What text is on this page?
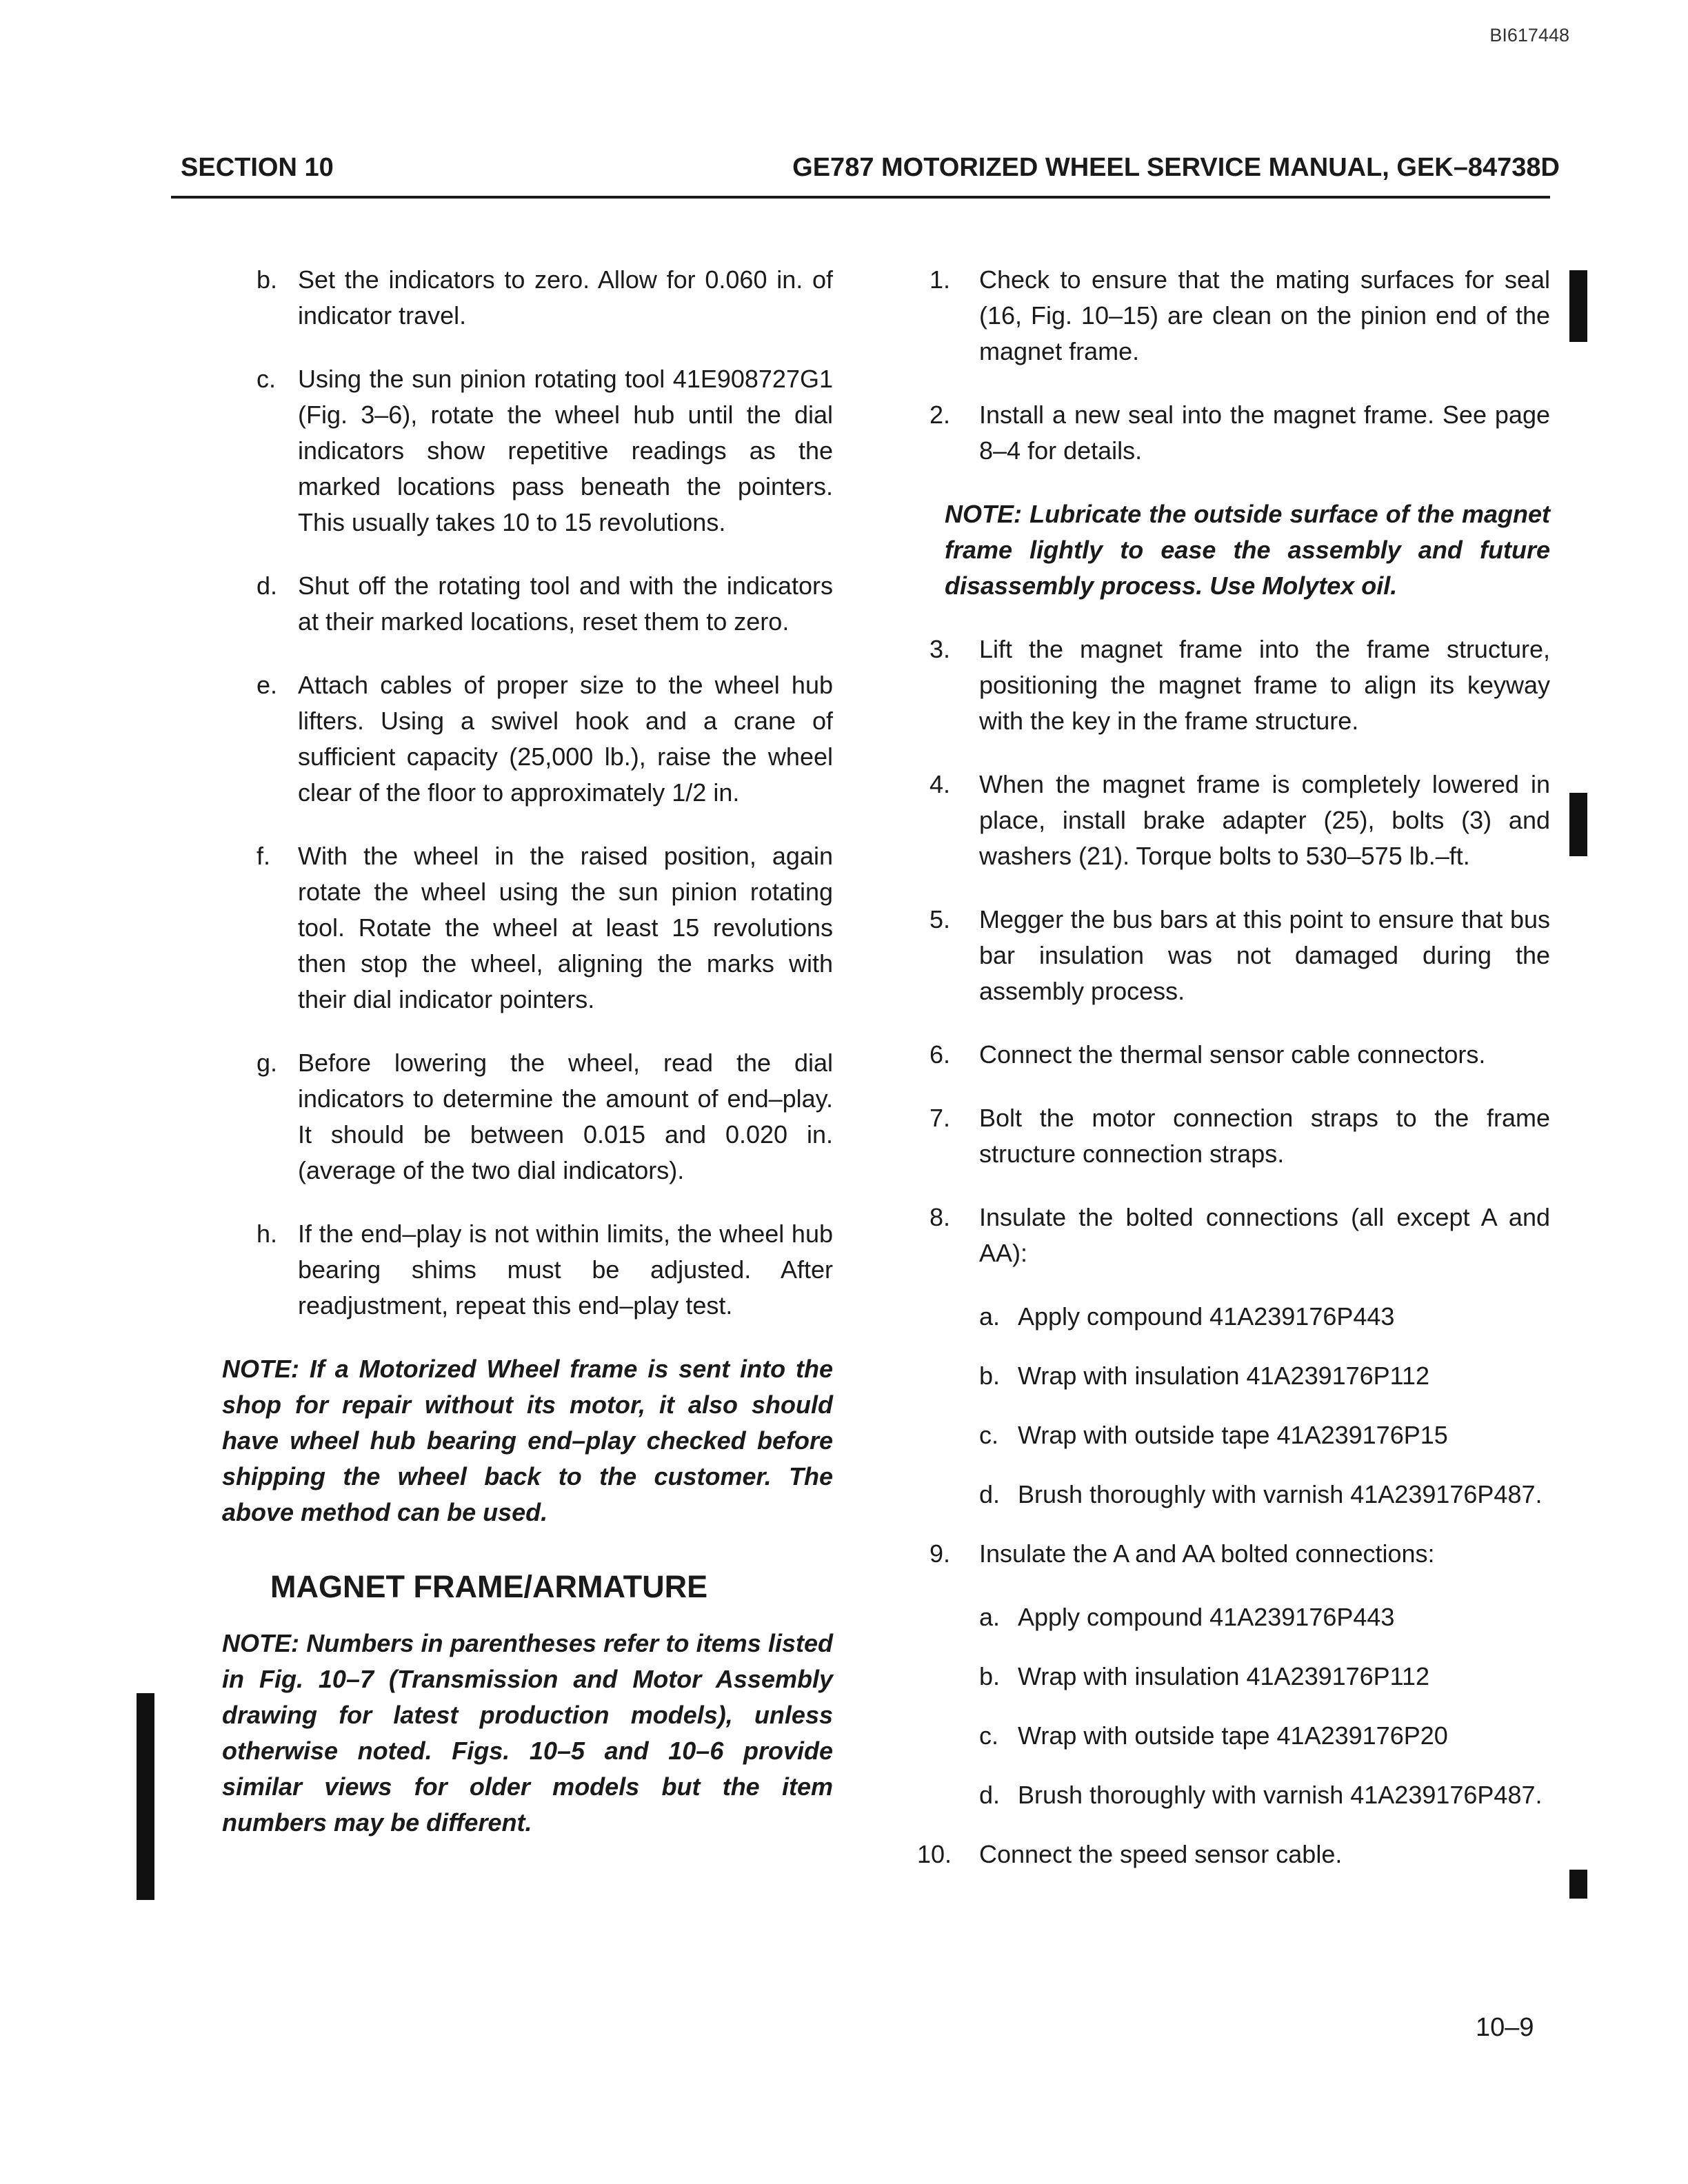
BI617448
SECTION 10	GE787 MOTORIZED WHEEL SERVICE MANUAL, GEK–84738D
b. Set the indicators to zero. Allow for 0.060 in. of indicator travel.
c. Using the sun pinion rotating tool 41E908727G1 (Fig. 3–6), rotate the wheel hub until the dial indicators show repetitive readings as the marked locations pass beneath the pointers. This usually takes 10 to 15 revolutions.
d. Shut off the rotating tool and with the indicators at their marked locations, reset them to zero.
e. Attach cables of proper size to the wheel hub lifters. Using a swivel hook and a crane of sufficient capacity (25,000 lb.), raise the wheel clear of the floor to approximately 1/2 in.
f. With the wheel in the raised position, again rotate the wheel using the sun pinion rotating tool. Rotate the wheel at least 15 revolutions then stop the wheel, aligning the marks with their dial indicator pointers.
g. Before lowering the wheel, read the dial indicators to determine the amount of end–play. It should be between 0.015 and 0.020 in. (average of the two dial indicators).
h. If the end–play is not within limits, the wheel hub bearing shims must be adjusted. After readjustment, repeat this end–play test.
NOTE: If a Motorized Wheel frame is sent into the shop for repair without its motor, it also should have wheel hub bearing end–play checked before shipping the wheel back to the customer. The above method can be used.
MAGNET FRAME/ARMATURE
NOTE: Numbers in parentheses refer to items listed in Fig. 10–7 (Transmission and Motor Assembly drawing for latest production models), unless otherwise noted. Figs. 10–5 and 10–6 provide similar views for older models but the item numbers may be different.
1. Check to ensure that the mating surfaces for seal (16, Fig. 10–15) are clean on the pinion end of the magnet frame.
2. Install a new seal into the magnet frame. See page 8–4 for details.
NOTE: Lubricate the outside surface of the magnet frame lightly to ease the assembly and future disassembly process. Use Molytex oil.
3. Lift the magnet frame into the frame structure, positioning the magnet frame to align its keyway with the key in the frame structure.
4. When the magnet frame is completely lowered in place, install brake adapter (25), bolts (3) and washers (21). Torque bolts to 530–575 lb.–ft.
5. Megger the bus bars at this point to ensure that bus bar insulation was not damaged during the assembly process.
6. Connect the thermal sensor cable connectors.
7. Bolt the motor connection straps to the frame structure connection straps.
8. Insulate the bolted connections (all except A and AA):
a. Apply compound 41A239176P443
b. Wrap with insulation 41A239176P112
c. Wrap with outside tape 41A239176P15
d. Brush thoroughly with varnish 41A239176P487.
9. Insulate the A and AA bolted connections:
a. Apply compound 41A239176P443
b. Wrap with insulation 41A239176P112
c. Wrap with outside tape 41A239176P20
d. Brush thoroughly with varnish 41A239176P487.
10. Connect the speed sensor cable.
10–9
